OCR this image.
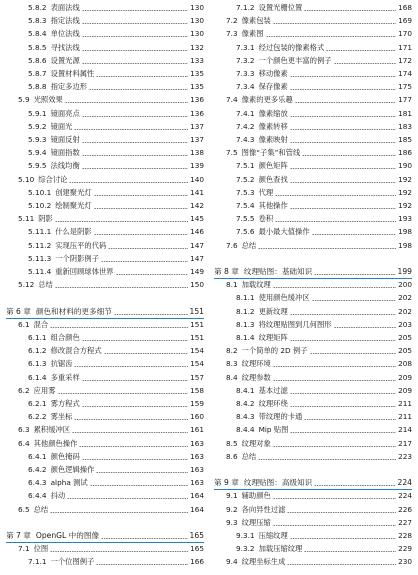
5.8.2 表面法线	130
5.8.3 指定法线	130
5.8.4 单位法线	130
5.8.5 寻找法线	132
5.8.6 设置光源	133
5.8.7 设置材料属性	135
5.8.8 指定多边形	135
5.9 光照效果	136
5.9.1 镜面亮点	136
5.9.2 镜面光	137
5.9.3 镜面反射	137
5.9.4 镜面指数	138
5.9.5 法线均衡	139
5.10 综合讨论	140
5.10.1 创建聚光灯	141
5.10.2 绘制聚光灯	142
5.11 阴影	145
5.11.1 什么是阴影	146
5.11.2 实现压平的代码	147
5.11.3 一个阴影例子	147
5.11.4 重新回顾球体世界	149
5.12 总结	150
第 6 章 颜色和材料的更多细节	151
6.1 混合	151
6.1.1 组合颜色	151
6.1.2 修改混合方程式	154
6.1.3 抗锯齿	154
6.1.4 多重采样	157
6.2 应用雾	158
6.2.1 雾方程式	159
6.2.2 雾坐标	160
6.3 累积缓冲区	161
6.4 其他颜色操作	163
6.4.1 颜色掩码	163
6.4.2 颜色逻辑操作	163
6.4.3 alpha 测试	163
6.4.4 抖动	164
6.5 总结	164
第 7 章 OpenGL 中的图像	165
7.1 位图	165
7.1.1 一个位图例子	166
7.1.2 设置光栅位置	168
7.2 像素包装	169
7.3 像素图	170
7.3.1 经过包装的像素格式	171
7.3.2 一个颜色更丰富的例子	172
7.3.3 移动像素	174
7.3.4 保存像素	175
7.4 像素的更多乐趣	177
7.4.1 像素缩放	181
7.4.2 像素转移	183
7.4.3 像素映射	185
7.5 图像“子集”和管线	186
7.5.1 颜色矩阵	190
7.5.2 颜色查找	192
7.5.3 代理	192
7.5.4 其他操作	192
7.5.5 卷积	193
7.5.6 最小最大值操作	198
7.6 总结	198
第 8 章 纹理贴图：基础知识	199
8.1 加载纹理	200
8.1.1 使用颜色缓冲区	202
8.1.2 更新纹理	202
8.1.3 将纹理贴图到几何图形	203
8.1.4 纹理矩阵	205
8.2 一个简单的 2D 例子	205
8.3 纹理环境	208
8.4 纹理参数	209
8.4.1 基本过滤	209
8.4.2 纹理环绕	211
8.4.3 带纹理的卡通	211
8.4.4 Mip 贴图	214
8.5 纹理对象	217
8.6 总结	223
第 9 章 纹理贴图：高级知识	224
9.1 辅助颜色	224
9.2 各向异性过滤	226
9.3 纹理压缩	227
9.3.1 压缩纹理	228
9.3.2 加载压缩纹理	229
9.4 纹理坐标生成	230
